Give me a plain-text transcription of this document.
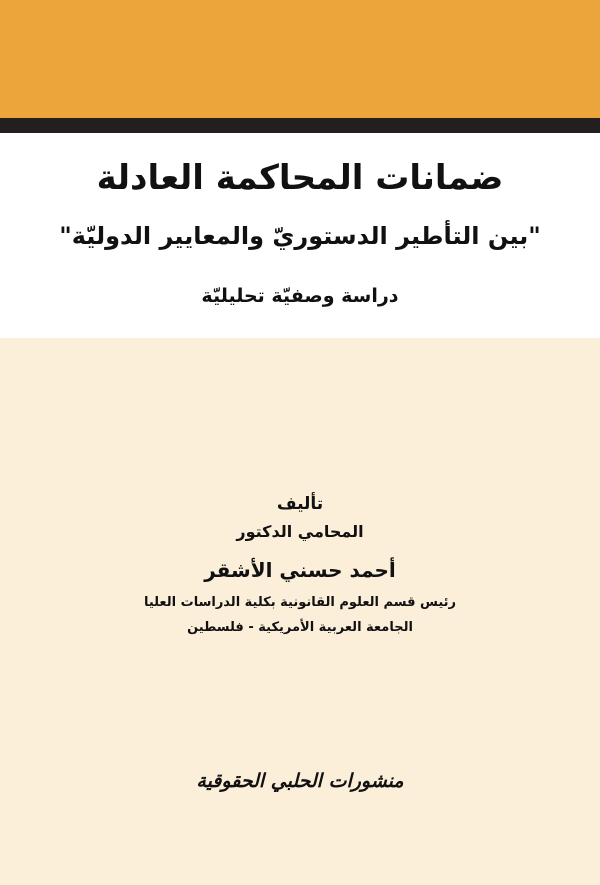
ضمانات المحاكمة العادلة
"بين التأطير الدستوريّ والمعايير الدوليّة"
دراسة وصفيّة تحليليّة
تأليف
المحامي الدكتور
أحمد حسني الأشقر
رئيس قسم العلوم القانونية بكلية الدراسات العليا
الجامعة العربية الأمريكية - فلسطين
منشورات الحلبي الحقوقية
